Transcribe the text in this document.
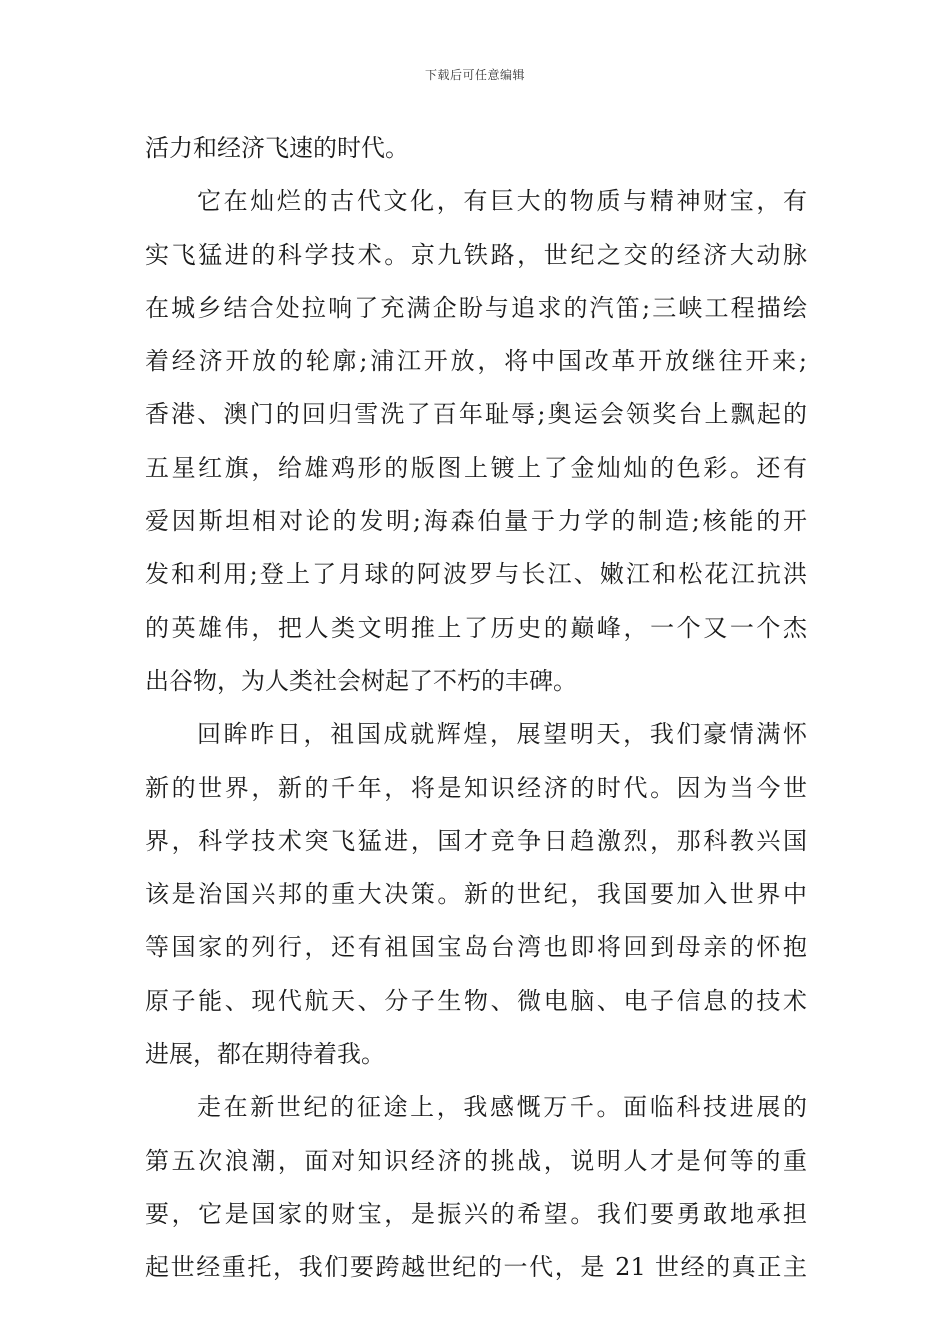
下载后可任意编辑
活力和经济飞速的时代。
它在灿烂的古代文化，有巨大的物质与精神财宝，有
实飞猛进的科学技术。京九铁路，世纪之交的经济大动脉
在城乡结合处拉响了充满企盼与追求的汽笛;三峡工程描绘
着经济开放的轮廓;浦江开放，将中国改革开放继往开来;
香港、澳门的回归雪洗了百年耻辱;奥运会领奖台上飘起的
五星红旗，给雄鸡形的版图上镀上了金灿灿的色彩。还有
爱因斯坦相对论的发明;海森伯量于力学的制造;核能的开
发和利用;登上了月球的阿波罗与长江、嫩江和松花江抗洪
的英雄伟，把人类文明推上了历史的巅峰，一个又一个杰
出谷物，为人类社会树起了不朽的丰碑。
回眸昨日，祖国成就辉煌，展望明天，我们豪情满怀
新的世界，新的千年，将是知识经济的时代。因为当今世
界，科学技术突飞猛进，国才竞争日趋激烈，那科教兴国
该是治国兴邦的重大决策。新的世纪，我国要加入世界中
等国家的列行，还有祖国宝岛台湾也即将回到母亲的怀抱
原子能、现代航天、分子生物、微电脑、电子信息的技术
进展，都在期待着我。
走在新世纪的征途上，我感慨万千。面临科技进展的
第五次浪潮，面对知识经济的挑战，说明人才是何等的重
要，它是国家的财宝，是振兴的希望。我们要勇敢地承担
起世经重托，我们要跨越世纪的一代，是 21 世经的真正主
